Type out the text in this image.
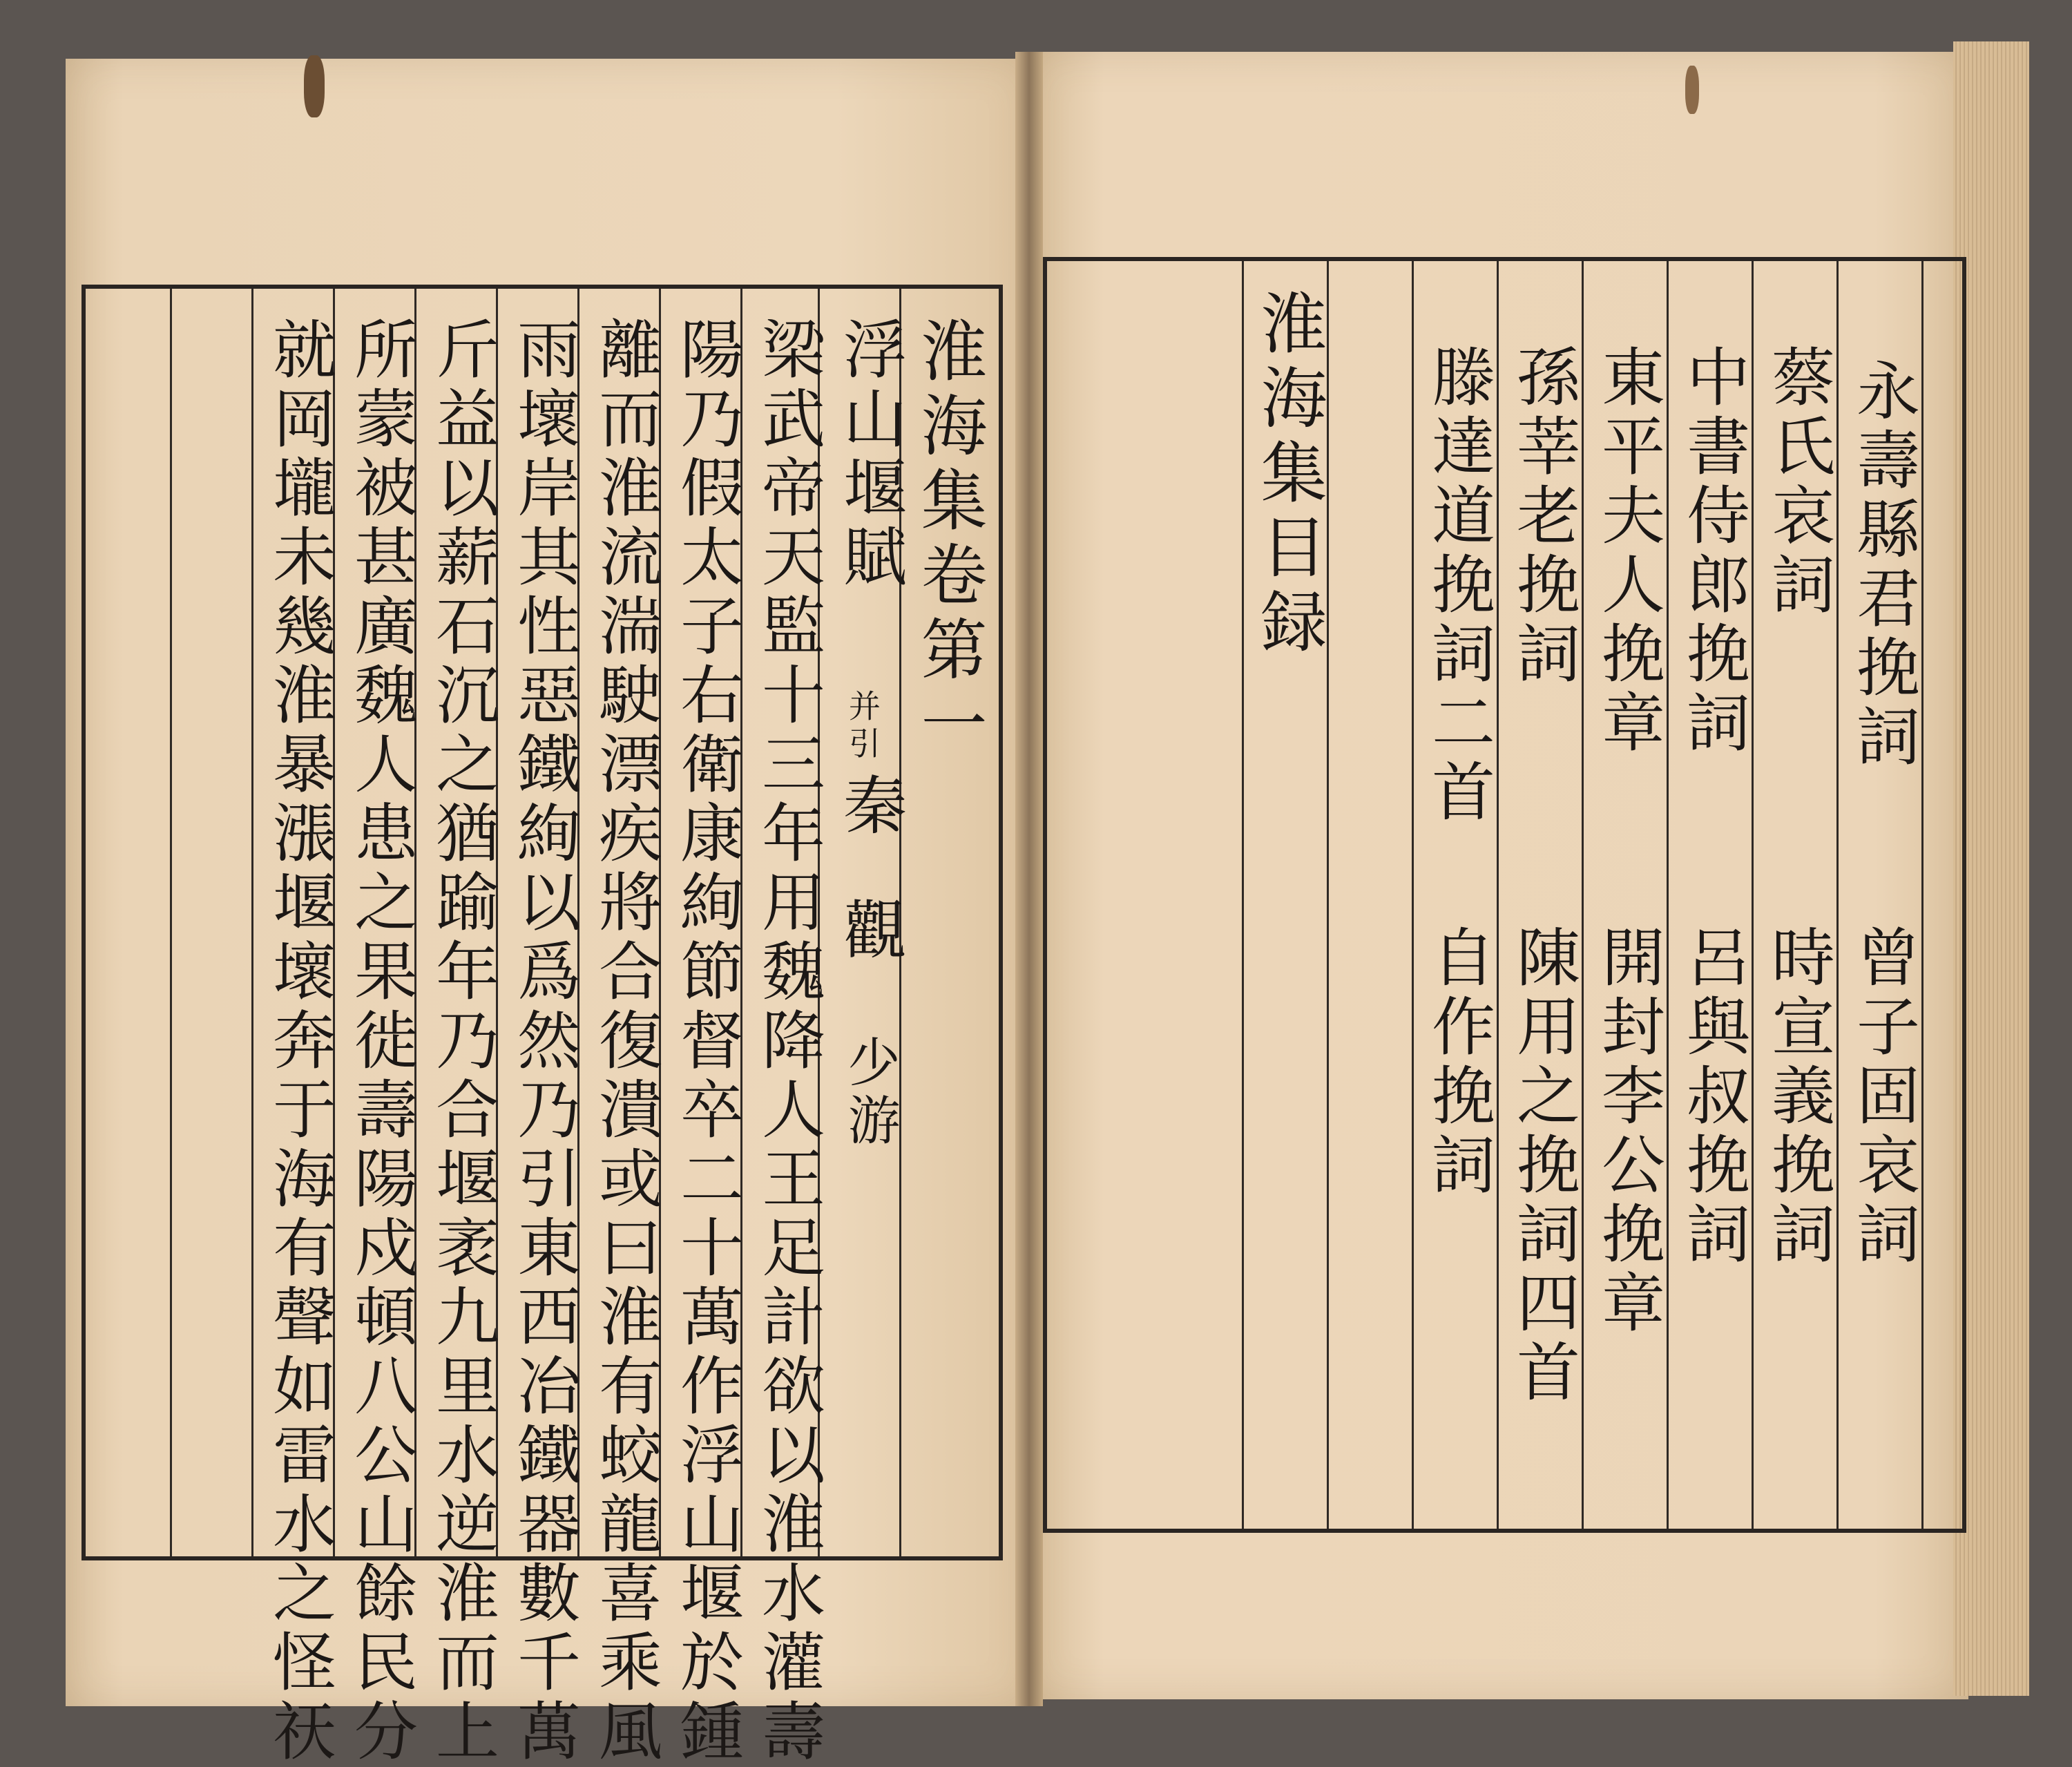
淮海集卷第一
浮山堰賦
并引
秦
觀
少游
梁武帝天監十三年用魏降人王足計欲以淮水灌壽
陽乃假太子右衛康絢節督卒二十萬作浮山堰於鍾
離而淮流湍駛漂疾將合復潰或曰淮有蛟龍喜乘風
雨壞岸其性惡鐵絢以爲然乃引東西冶鐵器數千萬
斤益以薪石沉之猶踰年乃合堰袤九里水逆淮而上
所蒙被甚廣魏人患之果徙壽陽戍頓八公山餘民分
就岡壠未幾淮暴漲堰壞奔于海有聲如雷水之怪祆	淮海集目録	永壽縣君挽詞
蔡氏哀詞
中書侍郎挽詞
東平夫人挽章
孫莘老挽詞
滕達道挽詞二首
曾子固哀詞
時宣義挽詞
呂與叔挽詞
開封李公挽章
陳用之挽詞四首
自作挽詞
